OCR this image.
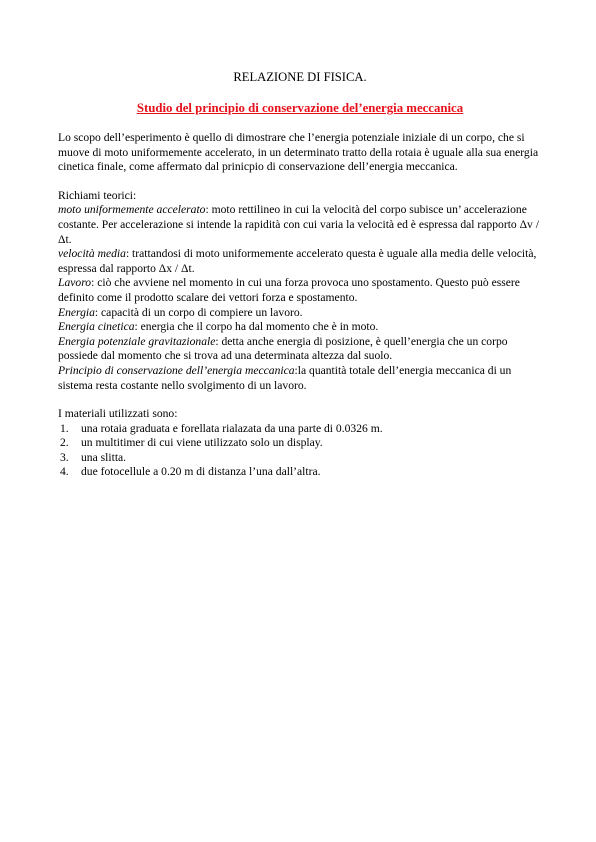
RELAZIONE DI FISICA.

Studio del principio di conservazione del’energia meccanica

Lo scopo dell’esperimento è quello di dimostrare che l’energia potenziale iniziale di un corpo, che si muove di moto uniformemente accelerato, in un determinato tratto della rotaia è uguale alla sua energia cinetica finale, come affermato dal prinicpio di conservazione dell’energia meccanica.

Richiami teorici:

moto uniformemente accelerato: moto rettilineo in cui la velocità del corpo subisce un’ accelerazione costante. Per accelerazione si intende la rapidità con cui varia la velocità ed è espressa dal rapporto Δv / Δt.

velocità media: trattandosi di moto uniformemente accelerato questa è uguale alla media delle velocità, espressa dal rapporto Δx / Δt.

Lavoro: ciò che avviene nel momento in cui una forza provoca uno spostamento. Questo può essere definito come il prodotto scalare dei vettori forza e spostamento.

Energia: capacità di un corpo di compiere un lavoro.

Energia cinetica: energia che il corpo ha dal momento che è in moto.

Energia potenziale gravitazionale: detta anche energia di posizione, è quell’energia che un corpo possiede dal momento che si trova ad una determinata altezza dal suolo.

Principio di conservazione dell’energia meccanica:la quantità totale dell’energia meccanica di un sistema resta costante nello svolgimento di un lavoro.

I materiali utilizzati sono:

1. una rotaia graduata e forellata rialazata da una parte di 0.0326 m.
2. un multitimer di cui viene utilizzato solo un display.
3. una slitta.
4. due fotocellule a 0.20 m di distanza l’una dall’altra.
